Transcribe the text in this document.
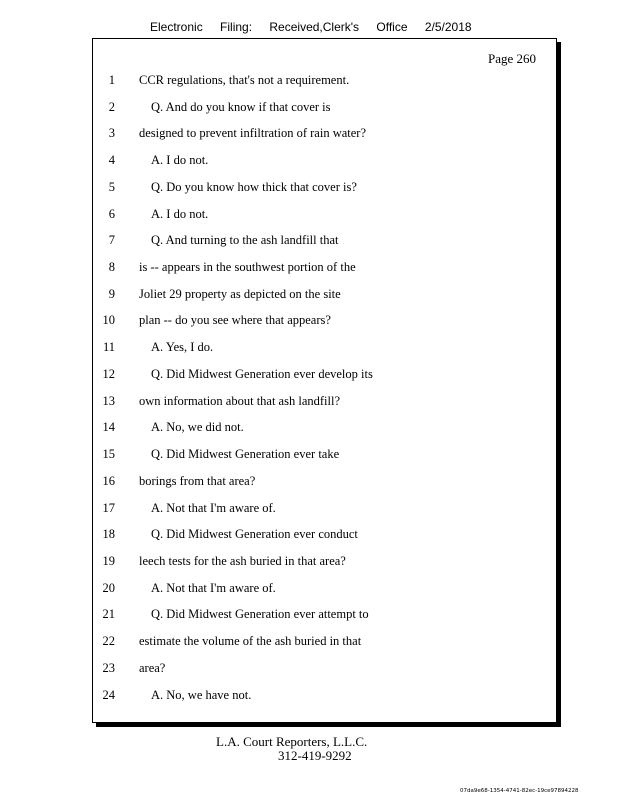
Electronic Filing: Received,Clerk's Office 2/5/2018
Page 260
1 CCR regulations, that's not a requirement.
2	Q. And do you know if that cover is
3 designed to prevent infiltration of rain water?
4	A. I do not.
5	Q. Do you know how thick that cover is?
6	A. I do not.
7	Q. And turning to the ash landfill that
8 is -- appears in the southwest portion of the
9 Joliet 29 property as depicted on the site
10 plan -- do you see where that appears?
11	A. Yes, I do.
12	Q. Did Midwest Generation ever develop its
13 own information about that ash landfill?
14	A. No, we did not.
15	Q. Did Midwest Generation ever take
16 borings from that area?
17	A. Not that I'm aware of.
18	Q. Did Midwest Generation ever conduct
19 leech tests for the ash buried in that area?
20	A. Not that I'm aware of.
21	Q. Did Midwest Generation ever attempt to
22 estimate the volume of the ash buried in that
23 area?
24	A. No, we have not.
L.A. Court Reporters, L.L.C.
312-419-9292
07da9e68-1354-4741-82ec-19ce97894228
